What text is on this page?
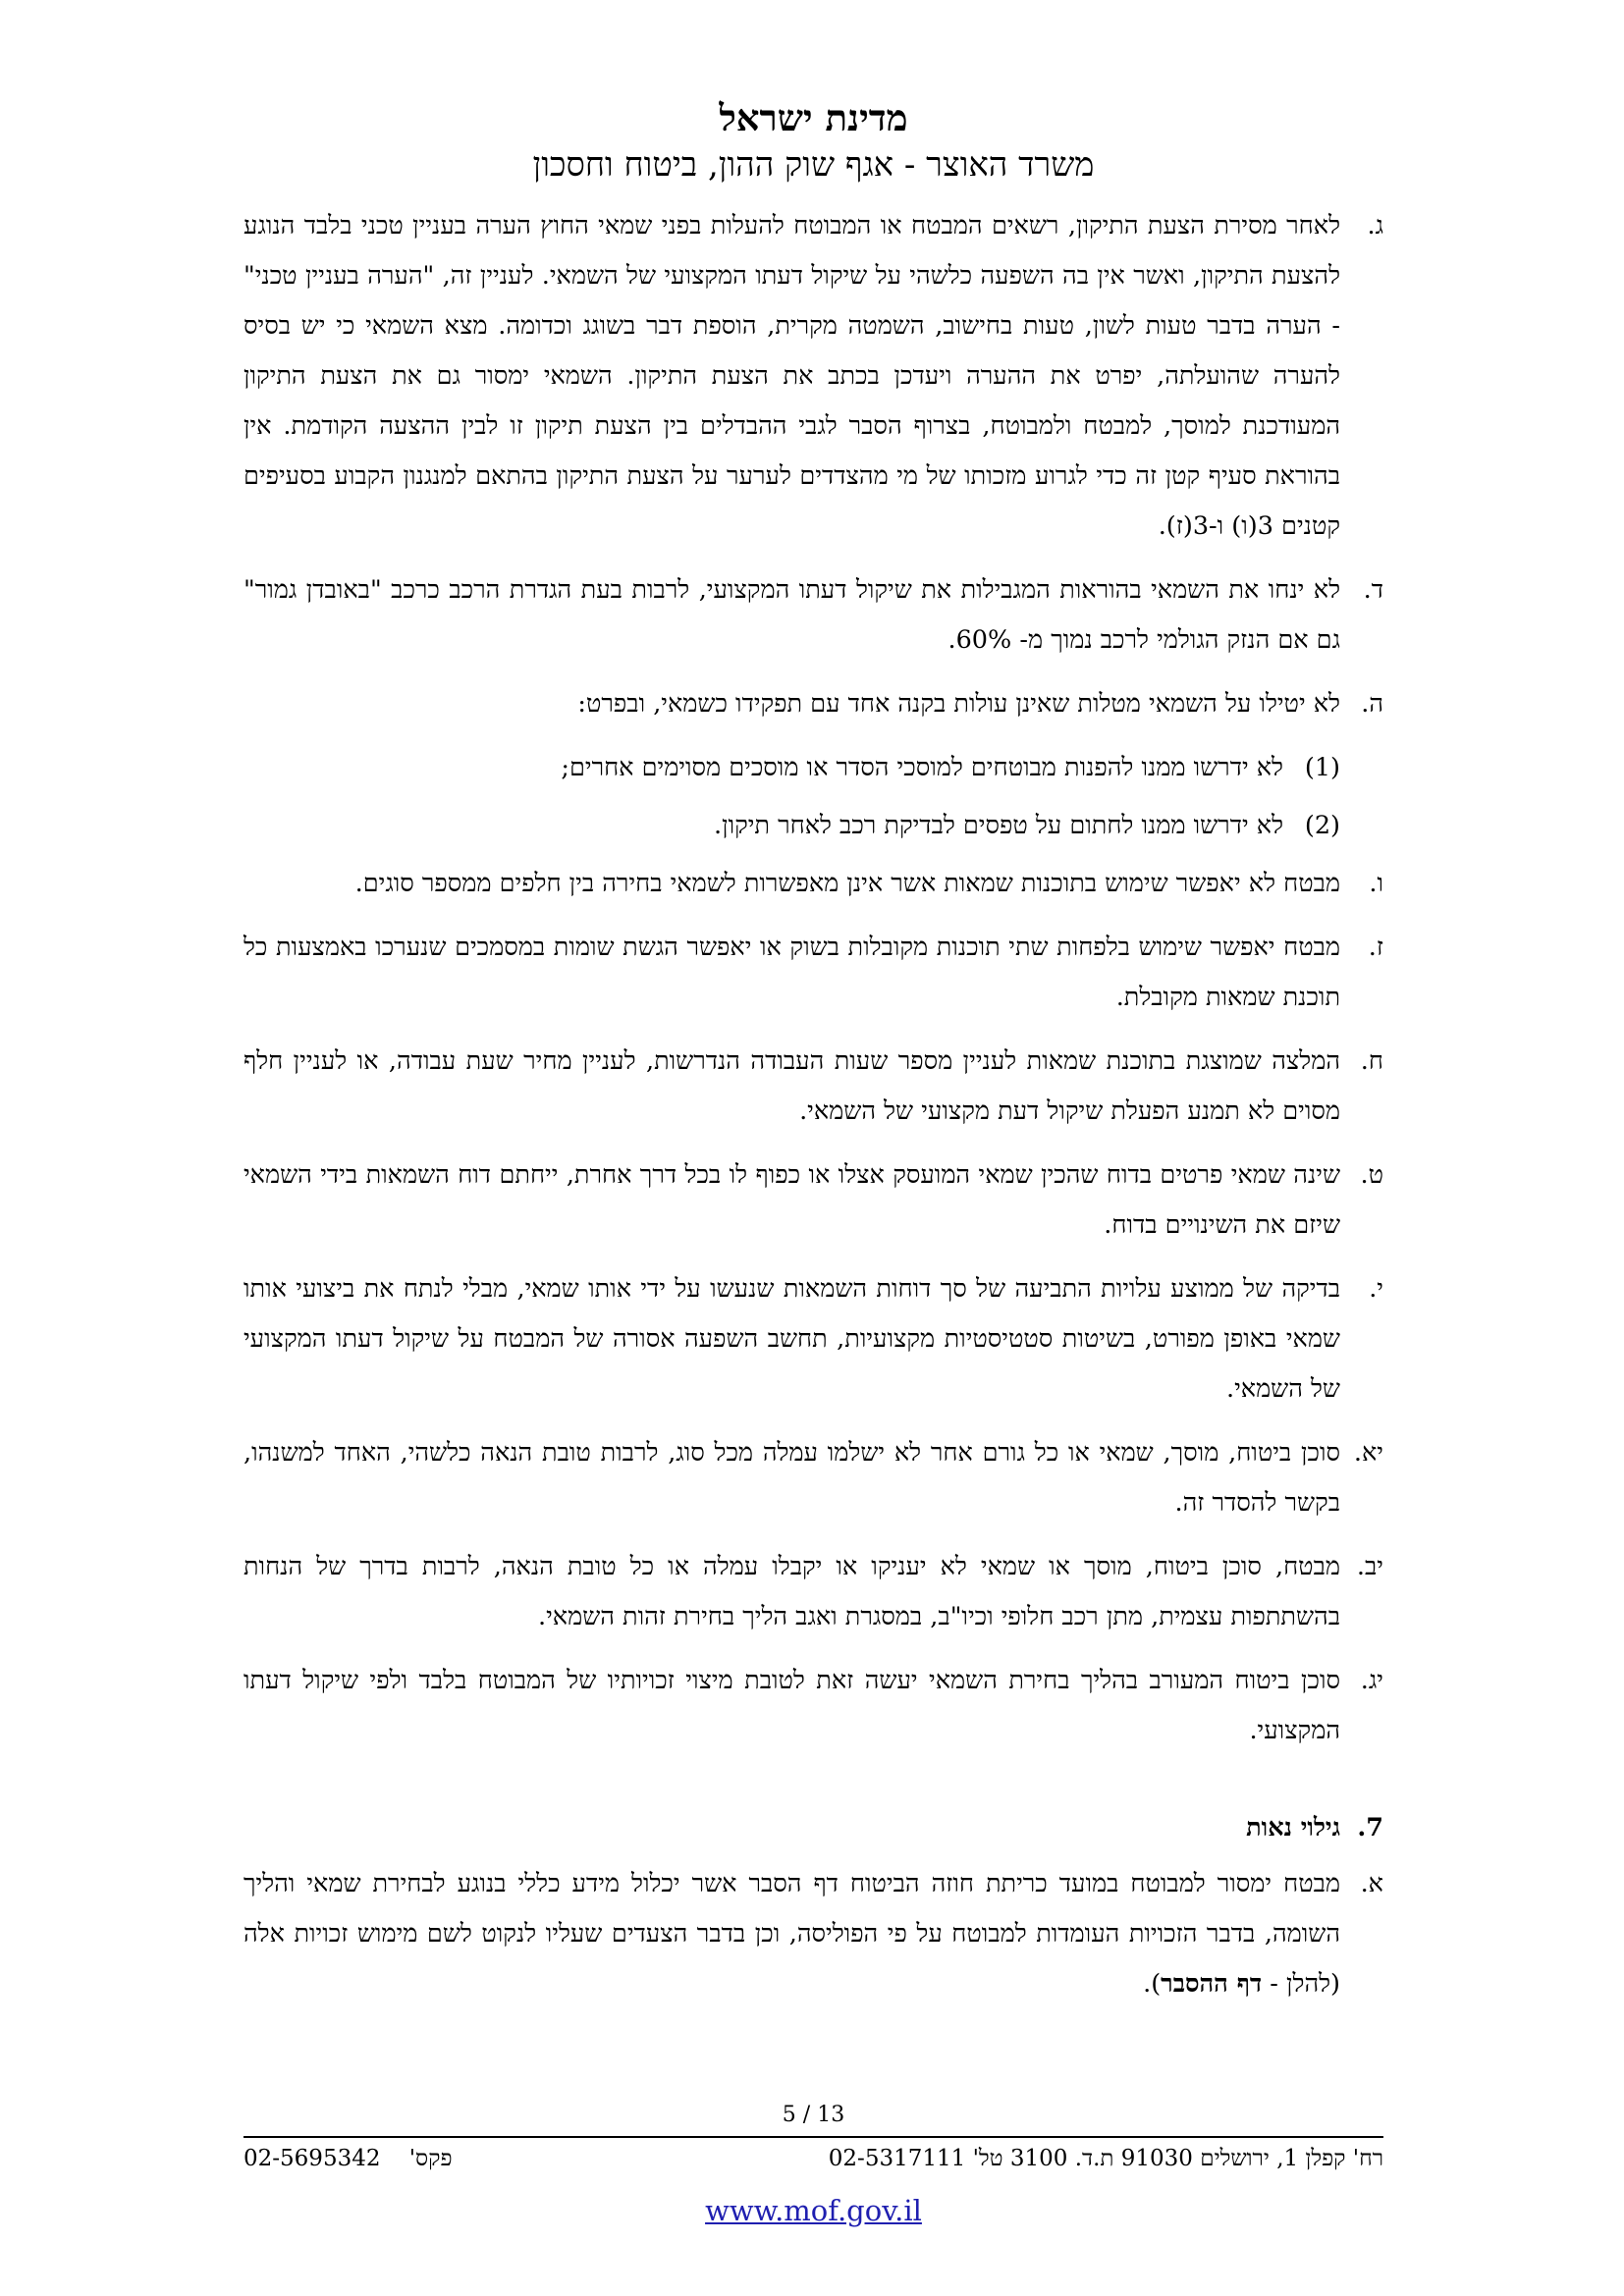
מדינת ישראל
משרד האוצר - אגף שוק ההון, ביטוח וחסכון
ג.
לאחר מסירת הצעת התיקון, רשאים המבטח או המבוטח להעלות בפני שמאי החוץ הערה בעניין טכני בלבד הנוגע להצעת התיקון, ואשר אין בה השפעה כלשהי על שיקול דעתו המקצועי של השמאי. לעניין זה, "הערה בעניין טכני" - הערה בדבר טעות לשון, טעות בחישוב, השמטה מקרית, הוספת דבר בשוגג וכדומה. מצא השמאי כי יש בסיס להערה שהועלתה, יפרט את ההערה ויעדכן בכתב את הצעת התיקון. השמאי ימסור גם את הצעת התיקון המעודכנת למוסך, למבטח ולמבוטח, בצרוף הסבר לגבי ההבדלים בין הצעת תיקון זו לבין ההצעה הקודמת. אין בהוראת סעיף קטן זה כדי לגרוע מזכותו של מי מהצדדים לערער על הצעת התיקון בהתאם למנגנון הקבוע בסעיפים קטנים 3(ו) ו-3(ז).
ד.
לא ינחו את השמאי בהוראות המגבילות את שיקול דעתו המקצועי, לרבות בעת הגדרת הרכב כרכב "באובדן גמור" גם אם הנזק הגולמי לרכב נמוך מ- 60%.
ה.
לא יטילו על השמאי מטלות שאינן עולות בקנה אחד עם תפקידו כשמאי, ובפרט:
(1)
לא ידרשו ממנו להפנות מבוטחים למוסכי הסדר או מוסכים מסוימים אחרים;
(2)
לא ידרשו ממנו לחתום על טפסים לבדיקת רכב לאחר תיקון.
ו.
מבטח לא יאפשר שימוש בתוכנות שמאות אשר אינן מאפשרות לשמאי בחירה בין חלפים ממספר סוגים.
ז.
מבטח יאפשר שימוש בלפחות שתי תוכנות מקובלות בשוק או יאפשר הגשת שומות במסמכים שנערכו באמצעות כל תוכנת שמאות מקובלת.
ח.
המלצה שמוצגת בתוכנת שמאות לעניין מספר שעות העבודה הנדרשות, לעניין מחיר שעת עבודה, או לעניין חלף מסוים לא תמנע הפעלת שיקול דעת מקצועי של השמאי.
ט.
שינה שמאי פרטים בדוח שהכין שמאי המועסק אצלו או כפוף לו בכל דרך אחרת, ייחתם דוח השמאות בידי השמאי שיזם את השינויים בדוח.
י.
בדיקה של ממוצע עלויות התביעה של סך דוחות השמאות שנעשו על ידי אותו שמאי, מבלי לנתח את ביצועי אותו שמאי באופן מפורט, בשיטות סטטיסטיות מקצועיות, תחשב השפעה אסורה של המבטח על שיקול דעתו המקצועי של השמאי.
יא.
סוכן ביטוח, מוסך, שמאי או כל גורם אחר לא ישלמו עמלה מכל סוג, לרבות טובת הנאה כלשהי, האחד למשנהו, בקשר להסדר זה.
יב.
מבטח, סוכן ביטוח, מוסך או שמאי לא יעניקו או יקבלו עמלה או כל טובת הנאה, לרבות בדרך של הנחות בהשתתפות עצמית, מתן רכב חלופי וכיו"ב, במסגרת ואגב הליך בחירת זהות השמאי.
יג.
סוכן ביטוח המעורב בהליך בחירת השמאי יעשה זאת לטובת מיצוי זכויותיו של המבוטח בלבד ולפי שיקול דעתו המקצועי.
7.
גילוי נאות
א.
מבטח ימסור למבוטח במועד כריתת חוזה הביטוח דף הסבר אשר יכלול מידע כללי בנוגע לבחירת שמאי והליך השומה, בדבר הזכויות העומדות למבוטח על פי הפוליסה, וכן בדבר הצעדים שעליו לנקוט לשם מימוש זכויות אלה (להלן - דף ההסבר).
5 / 13
רח' קפלן 1, ירושלים 91030 ת.ד. 3100 טל' 02-5317111
פקס'    02-5695342
www.mof.gov.il
